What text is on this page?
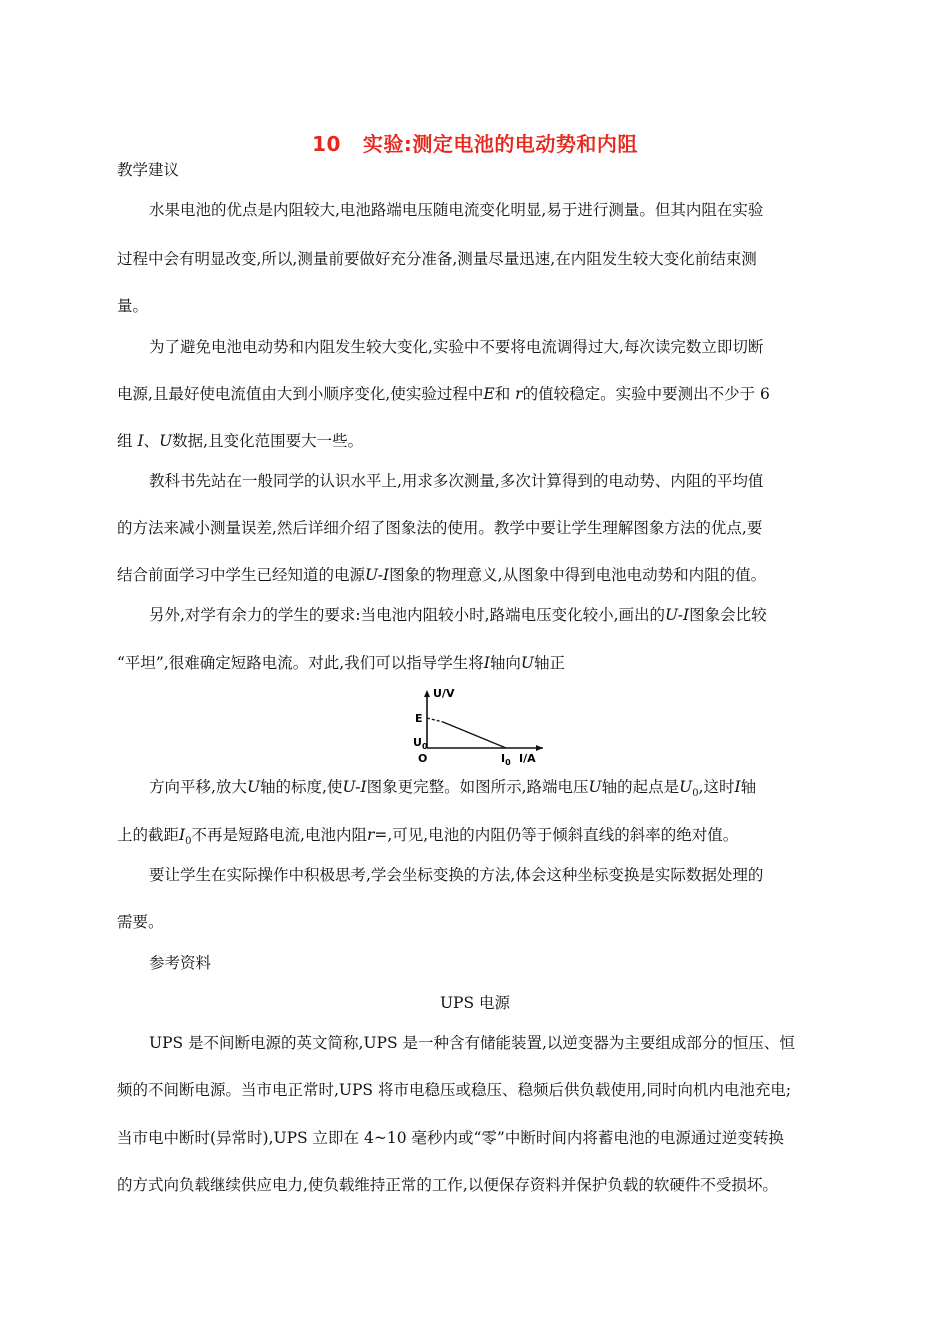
10 实验:测定电池的电动势和内阻
教学建议
水果电池的优点是内阻较大,电池路端电压随电流变化明显,易于进行测量。但其内阻在实验
过程中会有明显改变,所以,测量前要做好充分准备,测量尽量迅速,在内阻发生较大变化前结束测
量。
为了避免电池电动势和内阻发生较大变化,实验中不要将电流调得过大,每次读完数立即切断
电源,且最好使电流值由大到小顺序变化,使实验过程中E和 r的值较稳定。实验中要测出不少于 6
组 I、U数据,且变化范围要大一些。
教科书先站在一般同学的认识水平上,用求多次测量,多次计算得到的电动势、内阻的平均值
的方法来减小测量误差,然后详细介绍了图象法的使用。教学中要让学生理解图象方法的优点,要
结合前面学习中学生已经知道的电源U-I图象的物理意义,从图象中得到电池电动势和内阻的值。
另外,对学有余力的学生的要求:当电池内阻较小时,路端电压变化较小,画出的U-I图象会比较
“平坦”,很难确定短路电流。对此,我们可以指导学生将I轴向U轴正
U/V
E
$U_0$
O	$I_0$ I/A
方向平移,放大U轴的标度,使U-I图象更完整。如图所示,路端电压U轴的起点是$U_0$,这时I轴
上的截距$I_0$不再是短路电流,电池内阻r=,可见,电池的内阻仍等于倾斜直线的斜率的绝对值。
要让学生在实际操作中积极思考,学会坐标变换的方法,体会这种坐标变换是实际数据处理的
需要。
参考资料
UPS 电源
UPS 是不间断电源的英文简称,UPS 是一种含有储能装置,以逆变器为主要组成部分的恒压、恒
频的不间断电源。当市电正常时,UPS 将市电稳压或稳压、稳频后供负载使用,同时向机内电池充电;
当市电中断时(异常时),UPS 立即在 4~10 毫秒内或“零”中断时间内将蓄电池的电源通过逆变转换
的方式向负载继续供应电力,使负载维持正常的工作,以便保存资料并保护负载的软硬件不受损坏。
